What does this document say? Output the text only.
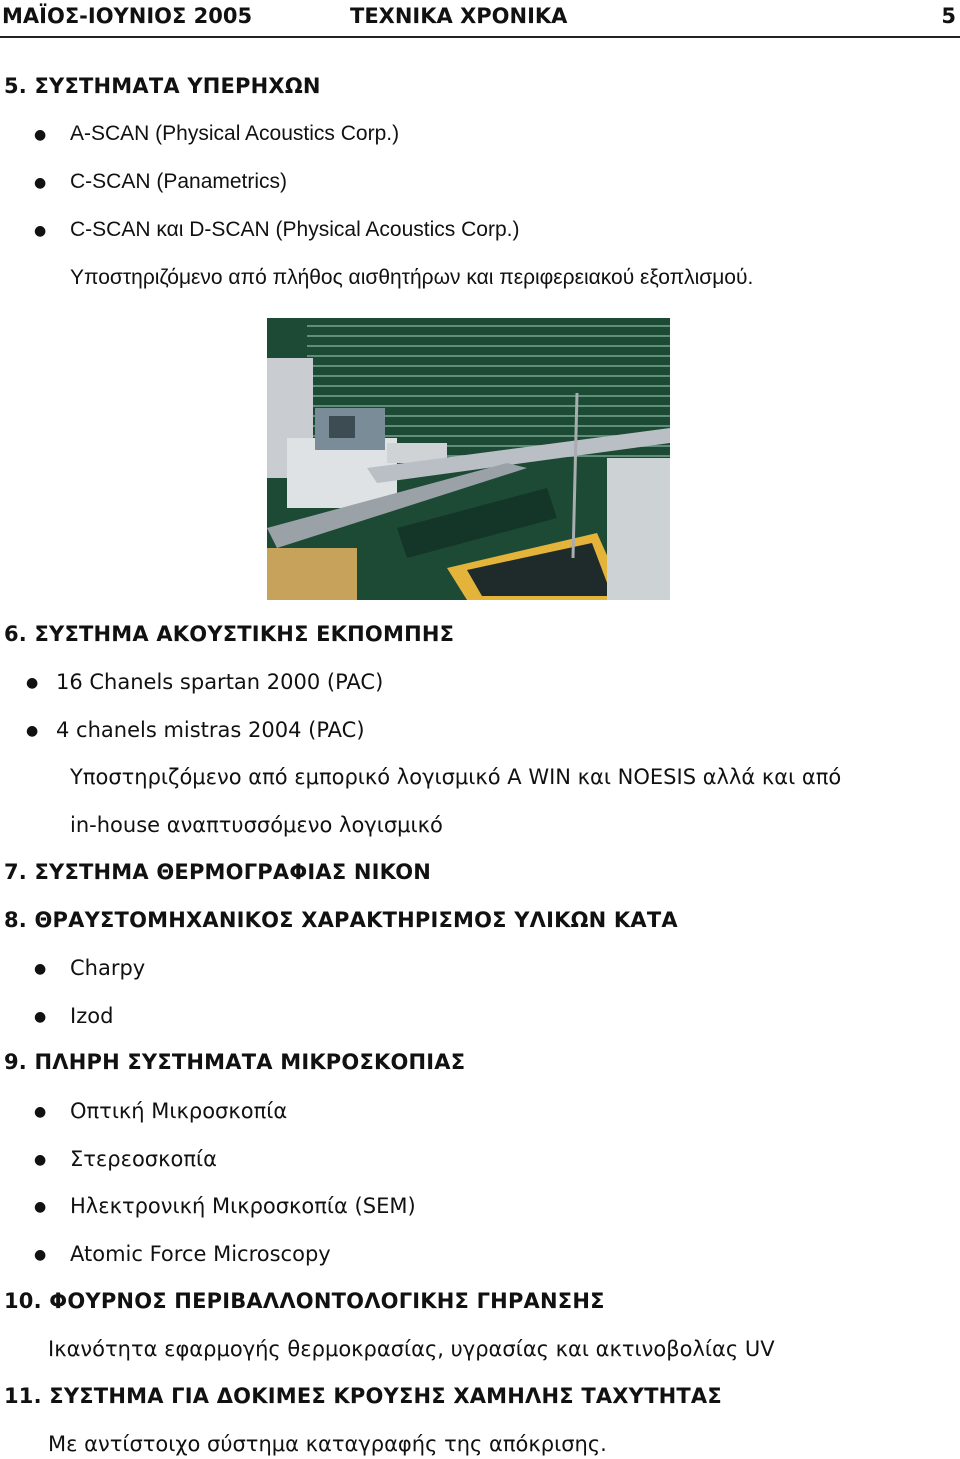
ΜΑΪΟΣ-ΙΟΥΝΙΟΣ 2005	ΤΕΧΝΙΚΑ ΧΡΟΝΙΚΑ	5
5. ΣΥΣΤΗΜΑΤΑ ΥΠΕΡΗΧΩΝ
● A-SCAN (Physical Acoustics Corp.)
● C-SCAN (Panametrics)
● C-SCAN και D-SCAN (Physical Acoustics Corp.)
Υποστηριζόμενο από πλήθος αισθητήρων και περιφερειακού εξοπλισμού.
6. ΣΥΣΤΗΜΑ ΑΚΟΥΣΤΙΚΗΣ ΕΚΠΟΜΠΗΣ
● 16 Chanels spartan 2000 (PAC)
● 4 chanels mistras 2004 (PAC)
Υποστηριζόμενο από εμπορικό λογισμικό A WIN και NOESIS αλλά και από
in-house αναπτυσσόμενο λογισμικό
7. ΣΥΣΤΗΜΑ ΘΕΡΜΟΓΡΑΦΙΑΣ NIKON
8. ΘΡΑΥΣΤΟΜΗΧΑΝΙΚΟΣ ΧΑΡΑΚΤΗΡΙΣΜΟΣ ΥΛΙΚΩΝ ΚΑΤΑ
● Charpy
● Izod
9. ΠΛΗΡΗ ΣΥΣΤΗΜΑΤΑ ΜΙΚΡΟΣΚΟΠΙΑΣ
● Οπτική Μικροσκοπία
● Στερεοσκοπία
● Ηλεκτρονική Μικροσκοπία (SEM)
● Atomic Force Microscopy
10. ΦΟΥΡΝΟΣ ΠΕΡΙΒΑΛΛΟΝΤΟΛΟΓΙΚΗΣ ΓΗΡΑΝΣΗΣ
Ικανότητα εφαρμογής θερμοκρασίας, υγρασίας και ακτινοβολίας UV
11. ΣΥΣΤΗΜΑ ΓΙΑ ΔΟΚΙΜΕΣ ΚΡΟΥΣΗΣ ΧΑΜΗΛΗΣ ΤΑΧΥΤΗΤΑΣ
Με αντίστοιχο σύστημα καταγραφής της απόκρισης.
